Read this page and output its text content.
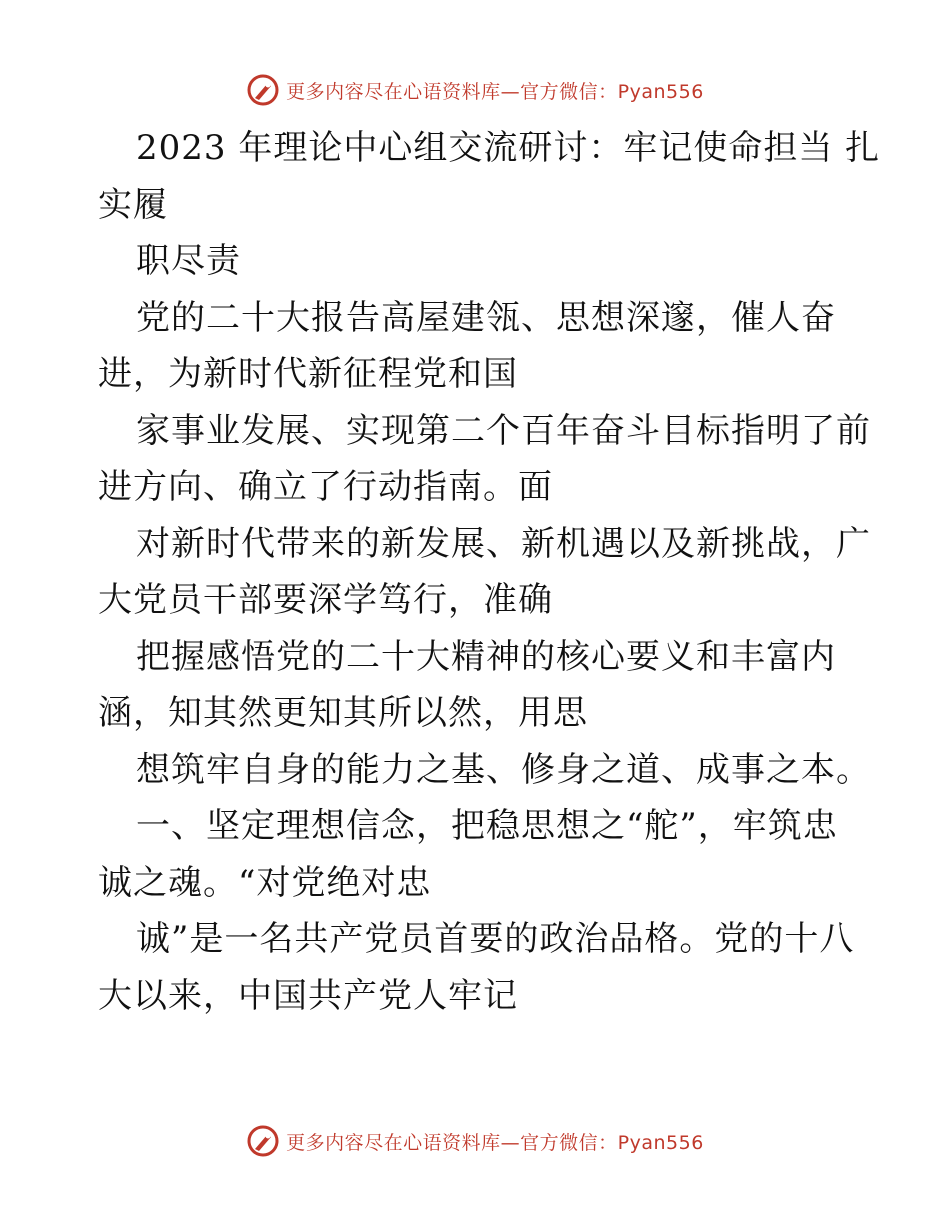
更多内容尽在心语资料库—官方微信：Pyan556
2023 年理论中心组交流研讨：牢记使命担当 扎
实履
职尽责
党的二十大报告高屋建瓴、思想深邃，催人奋
进，为新时代新征程党和国
家事业发展、实现第二个百年奋斗目标指明了前
进方向、确立了行动指南。面
对新时代带来的新发展、新机遇以及新挑战，广
大党员干部要深学笃行，准确
把握感悟党的二十大精神的核心要义和丰富内
涵，知其然更知其所以然，用思
想筑牢自身的能力之基、修身之道、成事之本。
一、坚定理想信念，把稳思想之“舵”，牢筑忠
诚之魂。“对党绝对忠
诚”是一名共产党员首要的政治品格。党的十八
大以来，中国共产党人牢记
更多内容尽在心语资料库—官方微信：Pyan556
